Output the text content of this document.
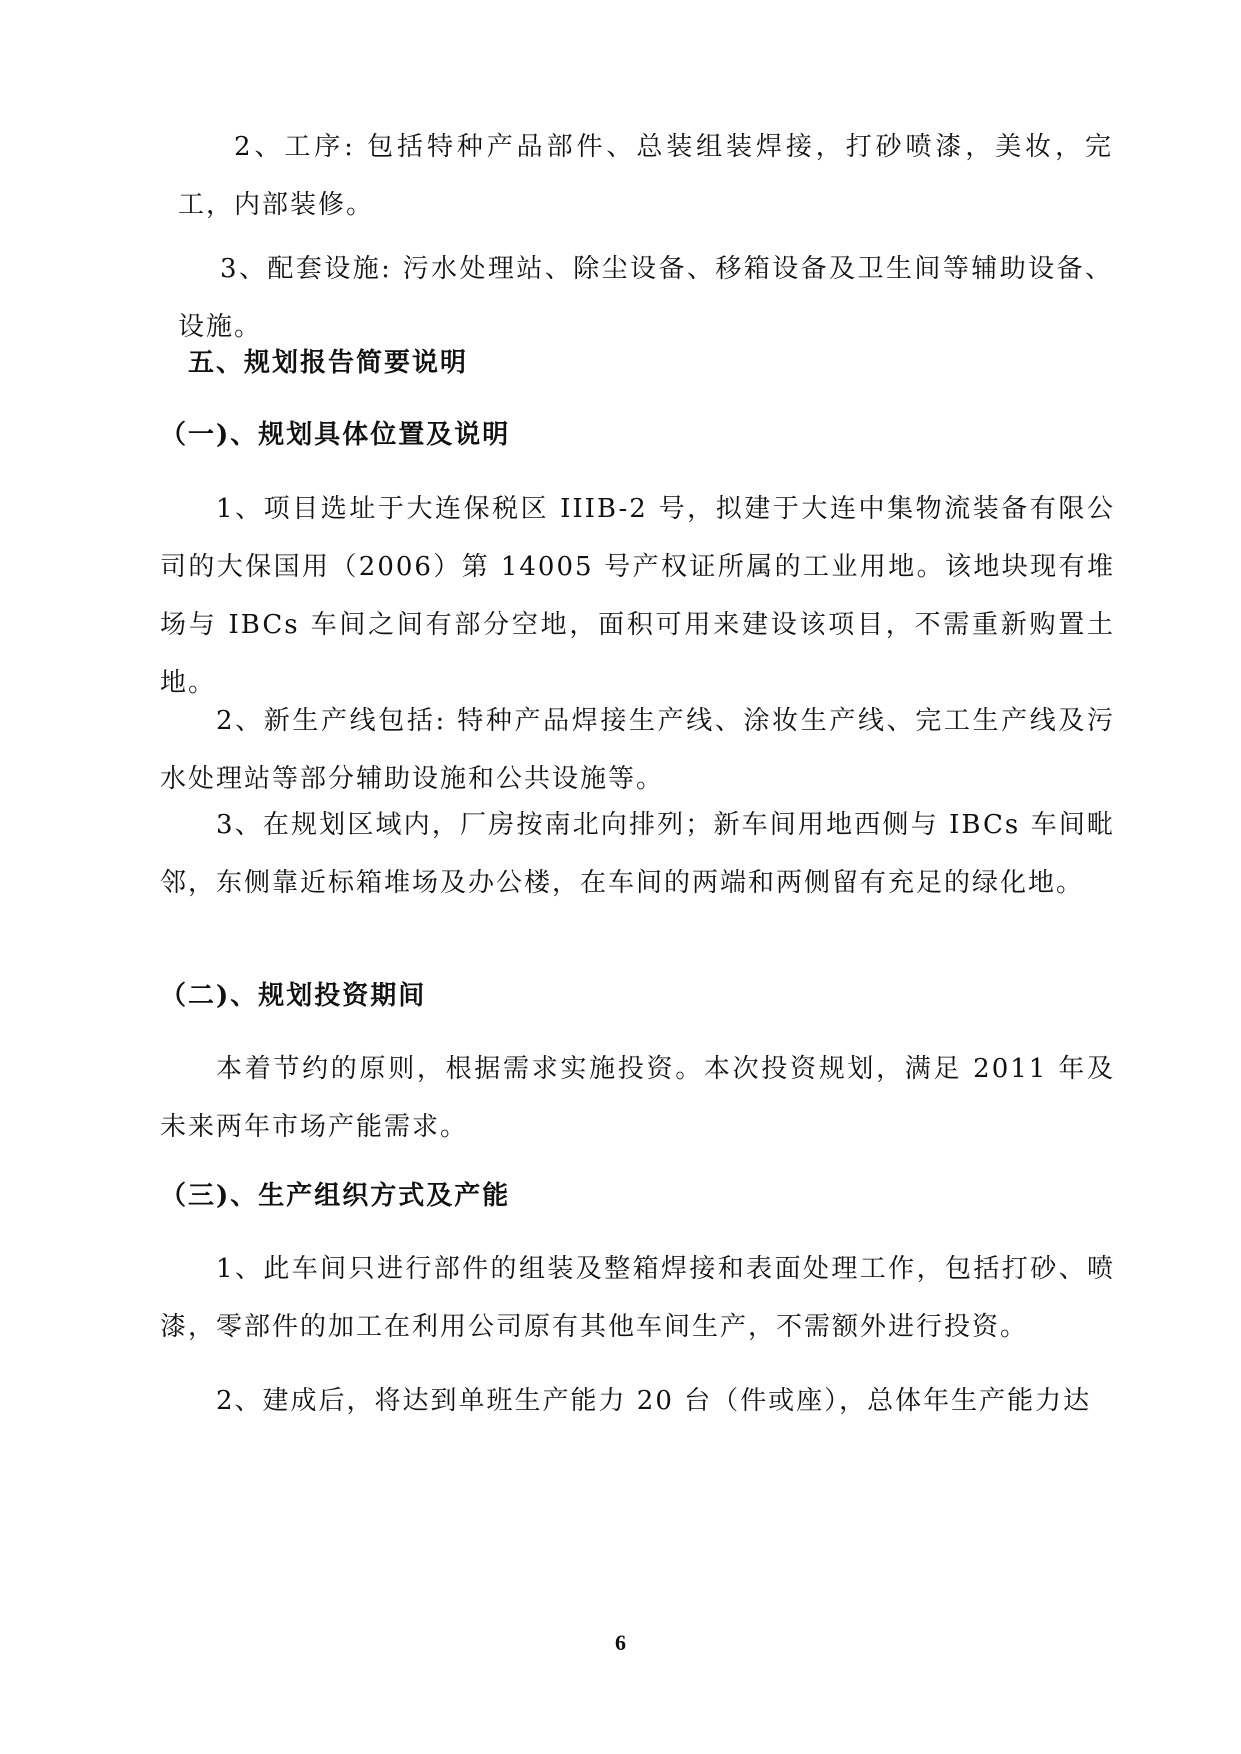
2、工序: 包括特种产品部件、总装组装焊接，打砂喷漆，美妆，完工，内部装修。

3、配套设施: 污水处理站、除尘设备、移箱设备及卫生间等辅助设备、设施。

五、规划报告简要说明

（一)、规划具体位置及说明

1、项目选址于大连保税区 IIIB-2 号，拟建于大连中集物流装备有限公司的大保国用（2006）第 14005 号产权证所属的工业用地。该地块现有堆场与 IBCs 车间之间有部分空地，面积可用来建设该项目，不需重新购置土地。

2、新生产线包括: 特种产品焊接生产线、涂妆生产线、完工生产线及污水处理站等部分辅助设施和公共设施等。

3、在规划区域内，厂房按南北向排列；新车间用地西侧与 IBCs 车间毗邻，东侧靠近标箱堆场及办公楼，在车间的两端和两侧留有充足的绿化地。

（二)、规划投资期间

本着节约的原则，根据需求实施投资。本次投资规划，满足 2011 年及未来两年市场产能需求。

（三)、生产组织方式及产能

1、此车间只进行部件的组装及整箱焊接和表面处理工作，包括打砂、喷漆，零部件的加工在利用公司原有其他车间生产，不需额外进行投资。

2、建成后，将达到单班生产能力 20 台（件或座），总体年生产能力达

6
